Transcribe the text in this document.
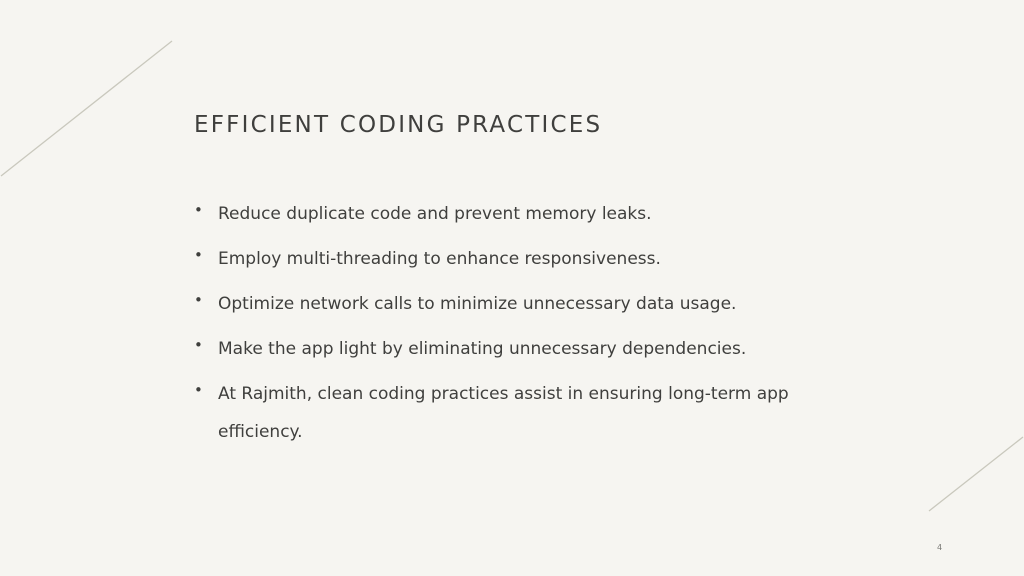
EFFICIENT CODING PRACTICES
• Reduce duplicate code and prevent memory leaks.
• Employ multi-threading to enhance responsiveness.
• Optimize network calls to minimize unnecessary data usage.
• Make the app light by eliminating unnecessary dependencies.
• At Rajmith, clean coding practices assist in ensuring long-term app efficiency.
4
